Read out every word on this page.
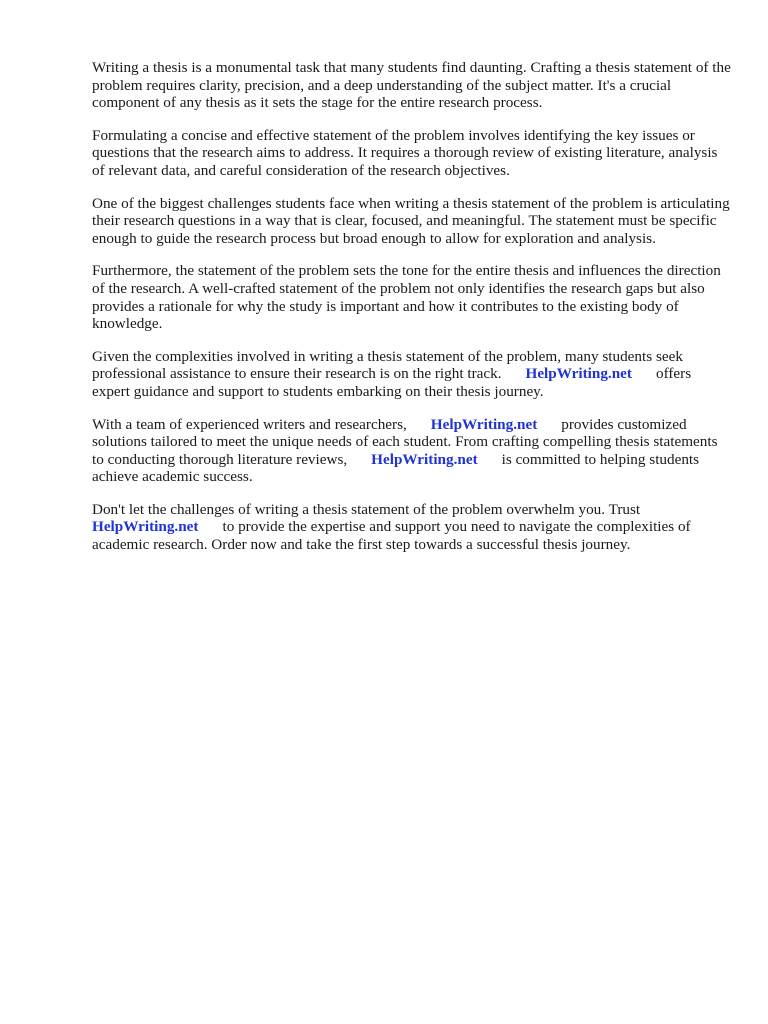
Writing a thesis is a monumental task that many students find daunting. Crafting a thesis statement of the problem requires clarity, precision, and a deep understanding of the subject matter. It's a crucial component of any thesis as it sets the stage for the entire research process.

Formulating a concise and effective statement of the problem involves identifying the key issues or questions that the research aims to address. It requires a thorough review of existing literature, analysis of relevant data, and careful consideration of the research objectives.

One of the biggest challenges students face when writing a thesis statement of the problem is articulating their research questions in a way that is clear, focused, and meaningful. The statement must be specific enough to guide the research process but broad enough to allow for exploration and analysis.

Furthermore, the statement of the problem sets the tone for the entire thesis and influences the direction of the research. A well-crafted statement of the problem not only identifies the research gaps but also provides a rationale for why the study is important and how it contributes to the existing body of knowledge.

Given the complexities involved in writing a thesis statement of the problem, many students seek professional assistance to ensure their research is on the right track. HelpWriting.net offers expert guidance and support to students embarking on their thesis journey.

With a team of experienced writers and researchers, HelpWriting.net provides customized solutions tailored to meet the unique needs of each student. From crafting compelling thesis statements to conducting thorough literature reviews, HelpWriting.net is committed to helping students achieve academic success.

Don't let the challenges of writing a thesis statement of the problem overwhelm you. Trust HelpWriting.net to provide the expertise and support you need to navigate the complexities of academic research. Order now and take the first step towards a successful thesis journey.
